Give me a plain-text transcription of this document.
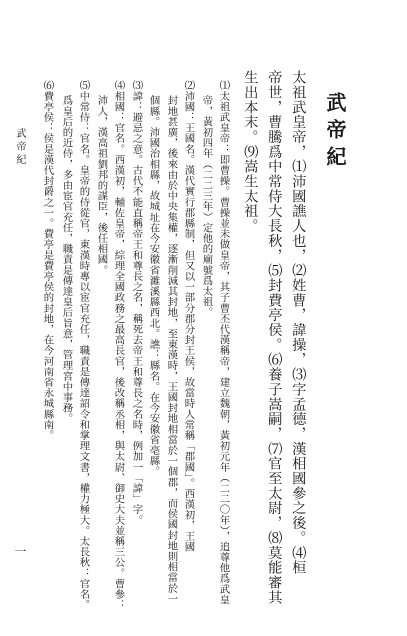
武帝紀
太祖武皇帝，⑴沛國譙人也，⑵姓曹，諱操，⑶字孟德，漢相國參之後。⑷桓
帝世，曹騰爲中常侍大長秋，⑸封費亭侯。⑹養子嵩嗣，⑺官至太尉，⑻莫能審其
生出本末。⑼嵩生太祖。
⑴太祖武皇帝：即曹操。曹操並未做皇帝，其子曹丕代漢稱帝，建立魏朝，黃初元年（二二〇年），追尊他爲武皇
帝，黃初四年（二二三年）定他的廟號爲太祖。
⑵沛國：王國名。漢代實行郡縣制，但又以一部分郡分封王侯，故當時人常稱「郡國」。西漢初，王國
封地甚廣，後來由於中央集權，逐漸削減其封地，至東漢時，王國封地相當於一個郡，而侯國封地則相當於一
個縣。沛國治相縣，故城址在今安徽省濉溪縣西北。譙：縣名。在今安徽省亳縣。
⑶諱：避忌之意。古代不能直稱帝王和尊長之名，稱死去帝王和尊長之名時，例加一「諱」字。
⑷相國：官名。西漢初，輔佐皇帝，綜理全國政務之最高長官，後改稱丞相，與太尉、御史大夫並稱三公。曹參：
沛人，漢高祖劉邦的謀臣，後任相國。
⑸中常侍：官名。皇帝的侍從官，東漢時專以宦官充任，職責是傳達詔令和掌理文書，權力極大。太長秋：官名。
爲皇后的近侍，多由宦官充任，職責是傳達皇后旨意，管理宮中事務。
⑹費亭侯：侯是漢代封爵之一。費亭是費亭侯的封地，在今河南省永城縣南。
武帝紀
一
